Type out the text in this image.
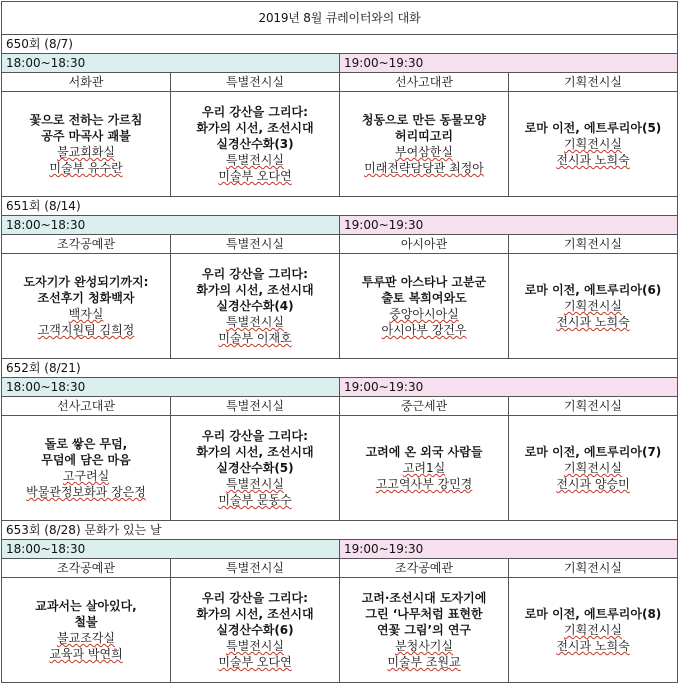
2019년 8월 큐레이터와의 대화			
650회 (8/7)			
18:00~18:30		19:00~19:30	
서화관	특별전시실	선사고대관	기획전시실

꽃으로 전하는 가르침
공주 마곡사 괘불
불교회화실
미술부 유수란	우리 강산을 그리다:
화가의 시선, 조선시대
실경산수화(3)
특별전시실
미술부 오다연	청동으로 만든 동물모양
허리띠고리
부여삼한실
미래전략담당관 최정아	로마 이전, 에트루리아(5)
기획전시실
전시과 노희숙

651회 (8/14)			
18:00~18:30		19:00~19:30	
조각공예관	특별전시실	아시아관	기획전시실

도자기가 완성되기까지:
조선후기 청화백자
백자실
고객지원팀 김희정	우리 강산을 그리다:
화가의 시선, 조선시대
실경산수화(4)
특별전시실
미술부 이재호	투루판 아스타나 고분군
출토 복희여와도
중앙아시아실
아시아부 강건우	로마 이전, 에트루리아(6)
기획전시실
전시과 노희숙

652회 (8/21)			
18:00~18:30		19:00~19:30	
선사고대관	특별전시실	중근세관	기획전시실

돌로 쌓은 무덤,
무덤에 담은 마음
고구려실
박물관정보화과 장은정	우리 강산을 그리다:
화가의 시선, 조선시대
실경산수화(5)
특별전시실
미술부 문동수	고려에 온 외국 사람들
고려1실
고고역사부 강민경	로마 이전, 에트루리아(7)
기획전시실
전시과 양승미

653회 (8/28) 문화가 있는 날			
18:00~18:30		19:00~19:30	
조각공예관	특별전시실	조각공예관	기획전시실

교과서는 살아있다,
철불
불교조각실
교육과 박연희	우리 강산을 그리다:
화가의 시선, 조선시대
실경산수화(6)
특별전시실
미술부 오다연	고려·조선시대 도자기에
그린 ‘나무처럼 표현한
연꽃 그림’의 연구
분청사기실
미술부 조원교	로마 이전, 에트루리아(8)
기획전시실
전시과 노희숙
